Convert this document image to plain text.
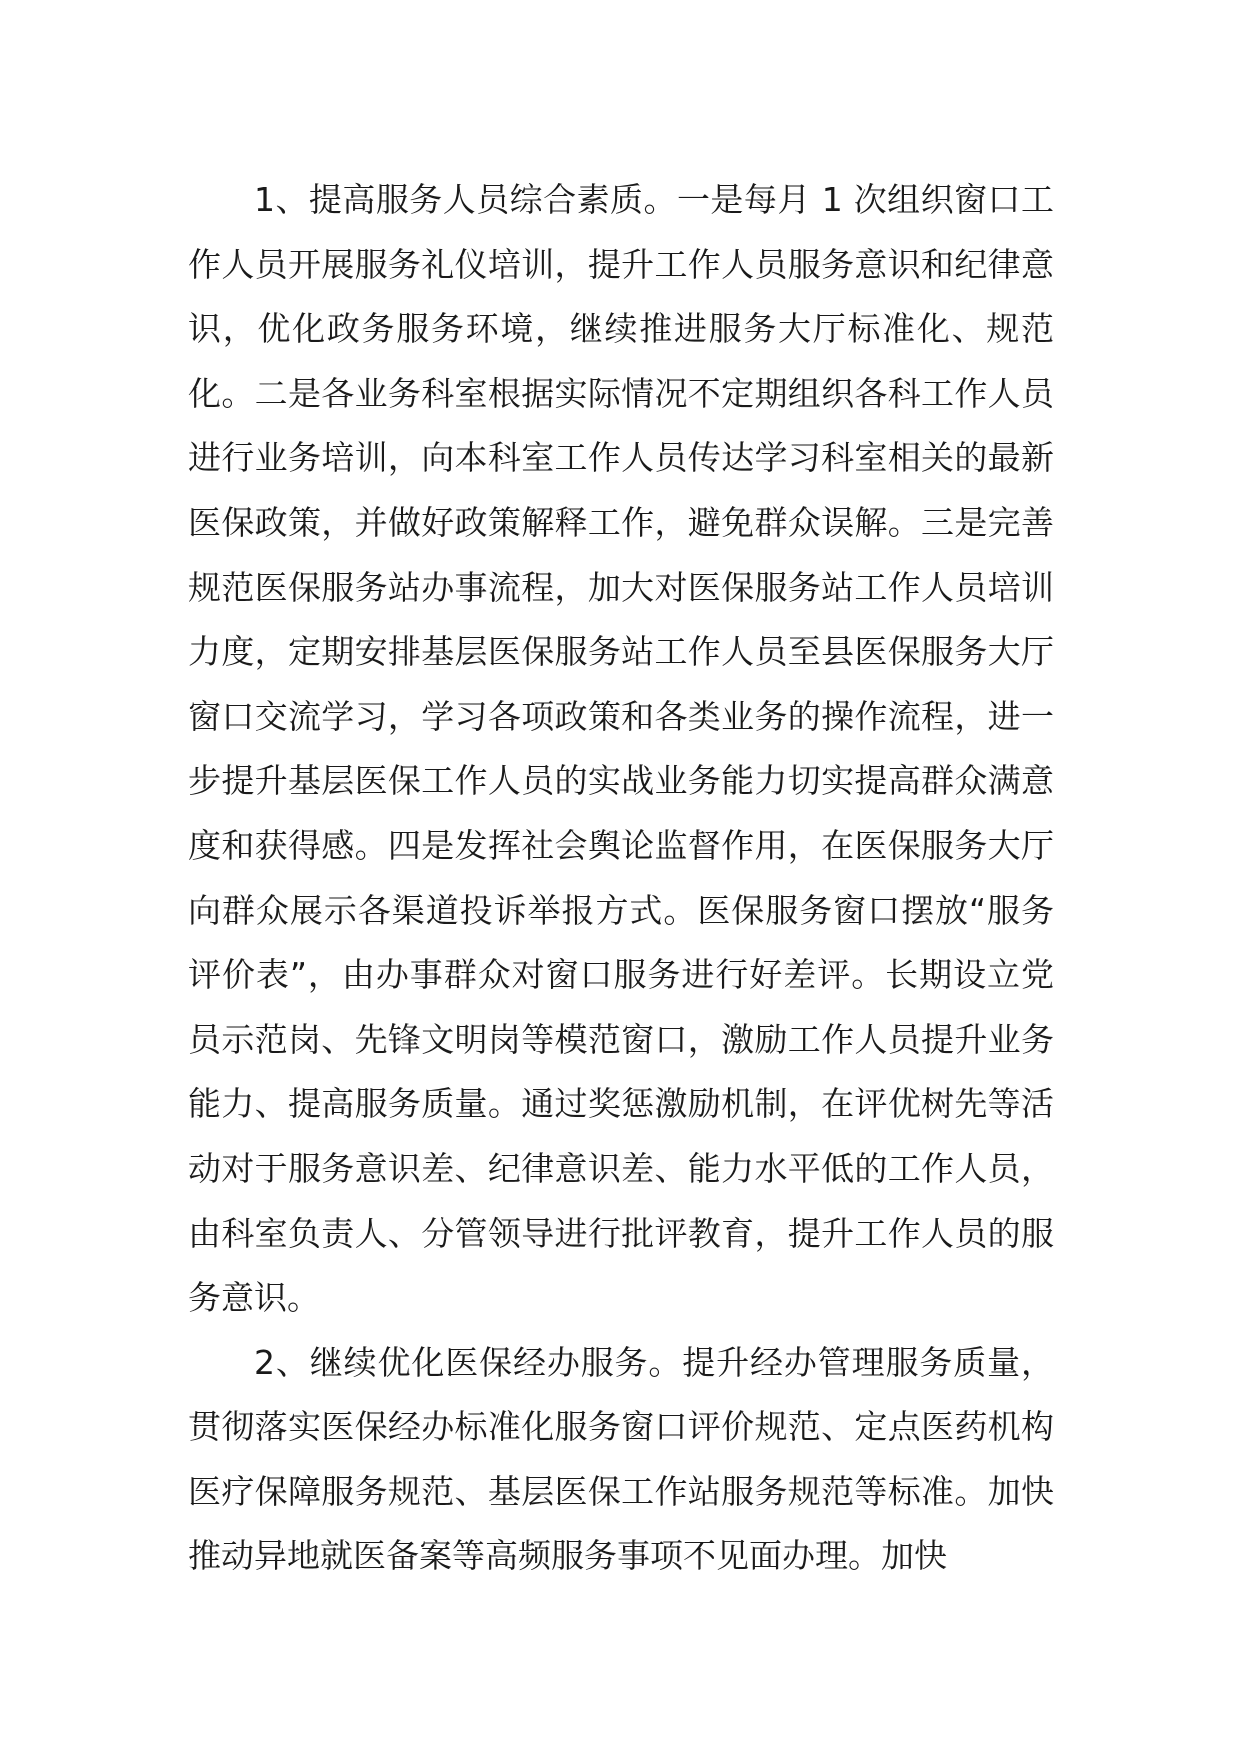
1、提高服务人员综合素质。一是每月 1 次组织窗口工作人员开展服务礼仪培训，提升工作人员服务意识和纪律意识，优化政务服务环境，继续推进服务大厅标准化、规范化。二是各业务科室根据实际情况不定期组织各科工作人员进行业务培训，向本科室工作人员传达学习科室相关的最新医保政策，并做好政策解释工作，避免群众误解。三是完善规范医保服务站办事流程，加大对医保服务站工作人员培训力度，定期安排基层医保服务站工作人员至县医保服务大厅窗口交流学习，学习各项政策和各类业务的操作流程，进一步提升基层医保工作人员的实战业务能力切实提高群众满意度和获得感。四是发挥社会舆论监督作用，在医保服务大厅向群众展示各渠道投诉举报方式。医保服务窗口摆放“服务评价表”，由办事群众对窗口服务进行好差评。长期设立党员示范岗、先锋文明岗等模范窗口，激励工作人员提升业务能力、提高服务质量。通过奖惩激励机制，在评优树先等活动对于服务意识差、纪律意识差、能力水平低的工作人员，由科室负责人、分管领导进行批评教育，提升工作人员的服务意识。

2、继续优化医保经办服务。提升经办管理服务质量，贯彻落实医保经办标准化服务窗口评价规范、定点医药机构医疗保障服务规范、基层医保工作站服务规范等标准。加快推动异地就医备案等高频服务事项不见面办理。加快
